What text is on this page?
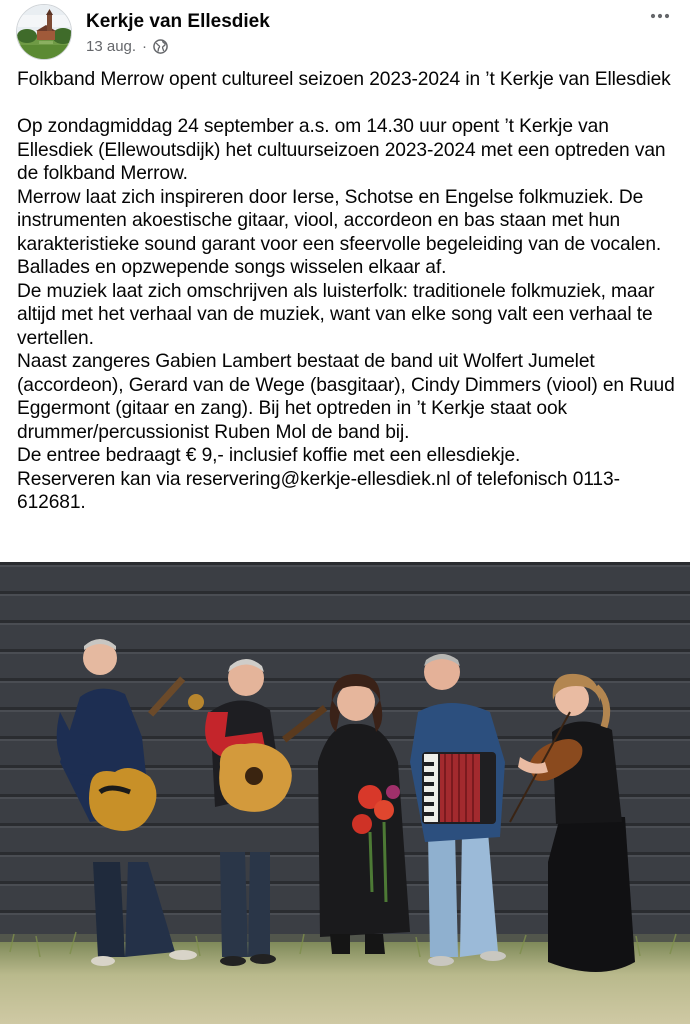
Kerkje van Ellesdiek
13 aug. ·
Folkband Merrow opent cultureel seizoen 2023-2024 in ’t Kerkje van Ellesdiek

Op zondagmiddag 24 september a.s. om 14.30 uur opent ’t Kerkje van Ellesdiek (Ellewoutsdijk) het cultuurseizoen 2023-2024 met een optreden van de folkband Merrow.
Merrow laat zich inspireren door Ierse, Schotse en Engelse folkmuziek. De instrumenten akoestische gitaar, viool, accordeon en bas staan met hun karakteristieke sound garant voor een sfeervolle begeleiding van de vocalen. Ballades en opzwepende songs wisselen elkaar af.
De muziek laat zich omschrijven als luisterfolk: traditionele folkmuziek, maar altijd met het verhaal van de muziek, want van elke song valt een verhaal te vertellen.
Naast zangeres Gabien Lambert bestaat de band uit Wolfert Jumelet (accordeon), Gerard van de Wege (basgitaar), Cindy Dimmers (viool) en Ruud Eggermont (gitaar en zang). Bij het optreden in ’t Kerkje staat ook drummer/percussionist Ruben Mol de band bij.
De entree bedraagt € 9,- inclusief koffie met een ellesdiekje.
Reserveren kan via reservering@kerkje-ellesdiek.nl of telefonisch 0113-612681.
